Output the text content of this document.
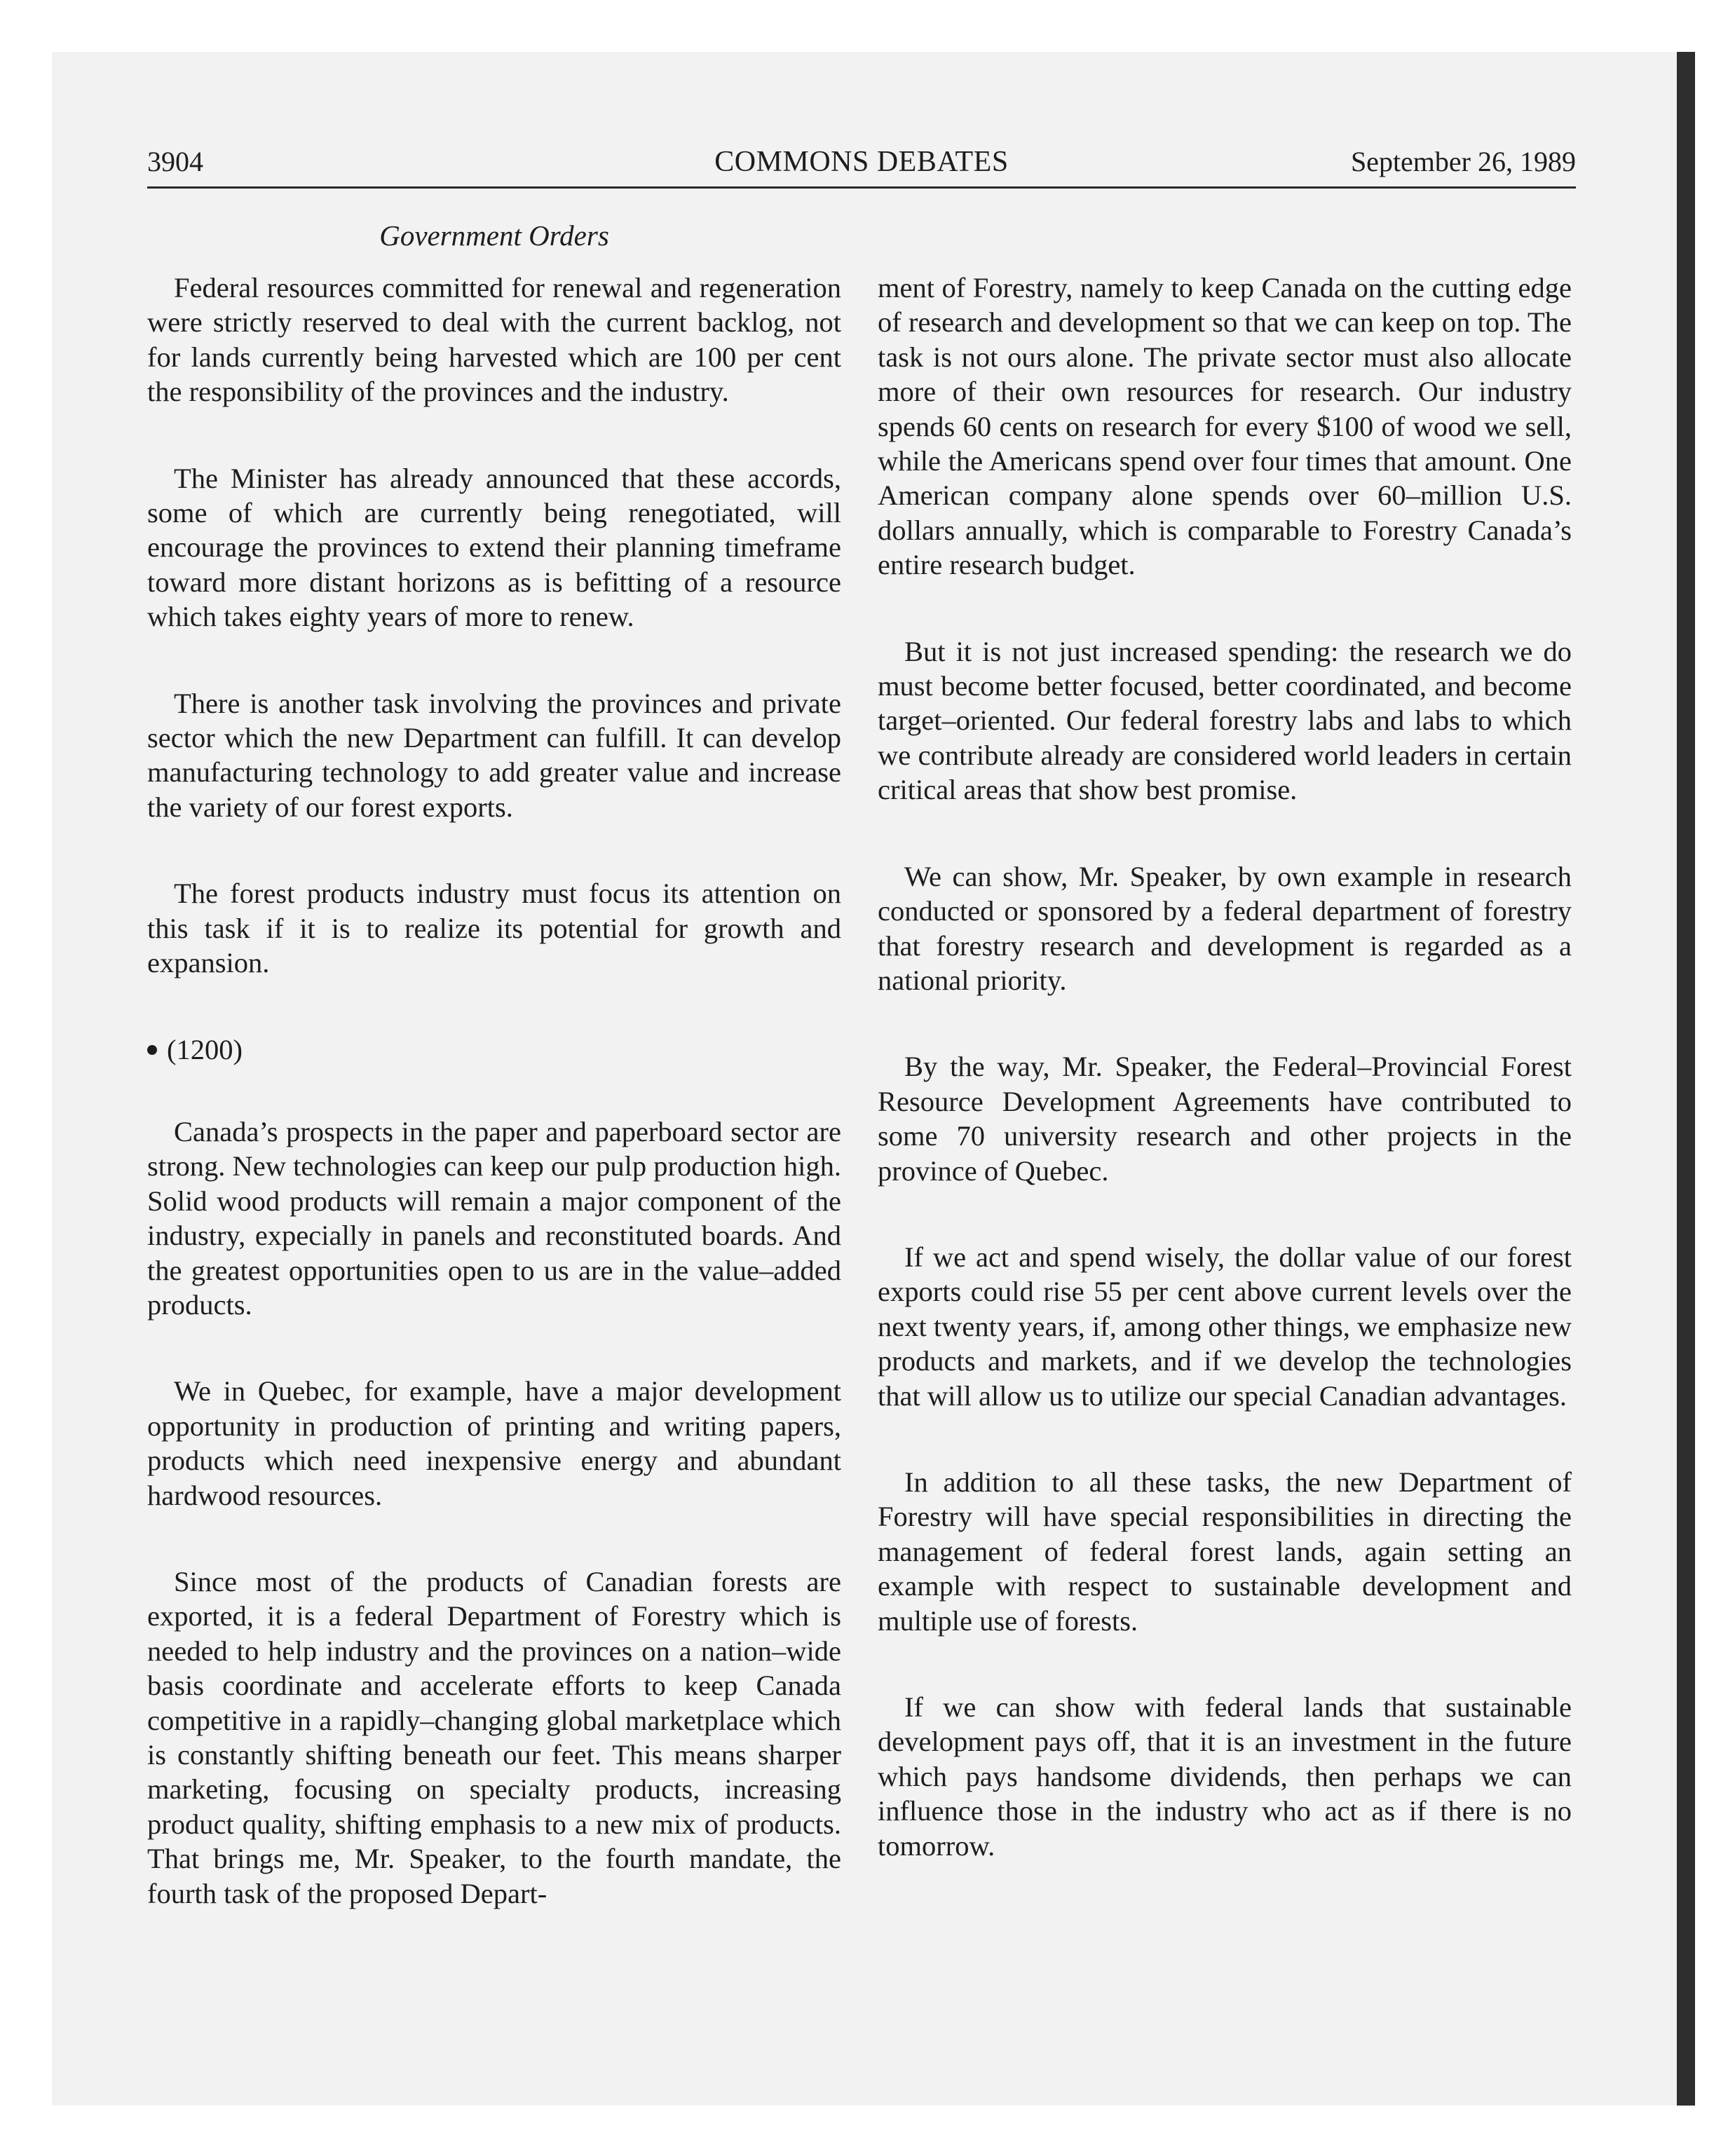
3904	COMMONS DEBATES	September 26, 1989
Government Orders

Federal resources committed for renewal and regeneration were strictly reserved to deal with the current backlog, not for lands currently being harvested which are 100 per cent the responsibility of the provinces and the industry.

The Minister has already announced that these accords, some of which are currently being renegotiated, will encourage the provinces to extend their planning timeframe toward more distant horizons as is befitting of a resource which takes eighty years of more to renew.

There is another task involving the provinces and private sector which the new Department can fulfill. It can develop manufacturing technology to add greater value and increase the variety of our forest exports.

The forest products industry must focus its attention on this task if it is to realize its potential for growth and expansion.

(1200)

Canada’s prospects in the paper and paperboard sector are strong. New technologies can keep our pulp production high. Solid wood products will remain a major component of the industry, expecially in panels and reconstituted boards. And the greatest opportunities open to us are in the value–added products.

We in Quebec, for example, have a major development opportunity in production of printing and writing papers, products which need inexpensive energy and abundant hardwood resources.

Since most of the products of Canadian forests are exported, it is a federal Department of Forestry which is needed to help industry and the provinces on a nation–wide basis coordinate and accelerate efforts to keep Canada competitive in a rapidly–changing global marketplace which is constantly shifting beneath our feet. This means sharper marketing, focusing on specialty products, increasing product quality, shifting emphasis to a new mix of products. That brings me, Mr. Speaker, to the fourth mandate, the fourth task of the proposed Depart-

ment of Forestry, namely to keep Canada on the cutting edge of research and development so that we can keep on top. The task is not ours alone. The private sector must also allocate more of their own resources for research. Our industry spends 60 cents on research for every $100 of wood we sell, while the Americans spend over four times that amount. One American company alone spends over 60–million U.S. dollars annually, which is comparable to Forestry Canada’s entire research budget.

But it is not just increased spending: the research we do must become better focused, better coordinated, and become target–oriented. Our federal forestry labs and labs to which we contribute already are considered world leaders in certain critical areas that show best promise.

We can show, Mr. Speaker, by own example in research conducted or sponsored by a federal department of forestry that forestry research and development is regarded as a national priority.

By the way, Mr. Speaker, the Federal–Provincial Forest Resource Development Agreements have contributed to some 70 university research and other projects in the province of Quebec.

If we act and spend wisely, the dollar value of our forest exports could rise 55 per cent above current levels over the next twenty years, if, among other things, we emphasize new products and markets, and if we develop the technologies that will allow us to utilize our special Canadian advantages.

In addition to all these tasks, the new Department of Forestry will have special responsibilities in directing the management of federal forest lands, again setting an example with respect to sustainable development and multiple use of forests.

If we can show with federal lands that sustainable development pays off, that it is an investment in the future which pays handsome dividends, then perhaps we can influence those in the industry who act as if there is no tomorrow.
